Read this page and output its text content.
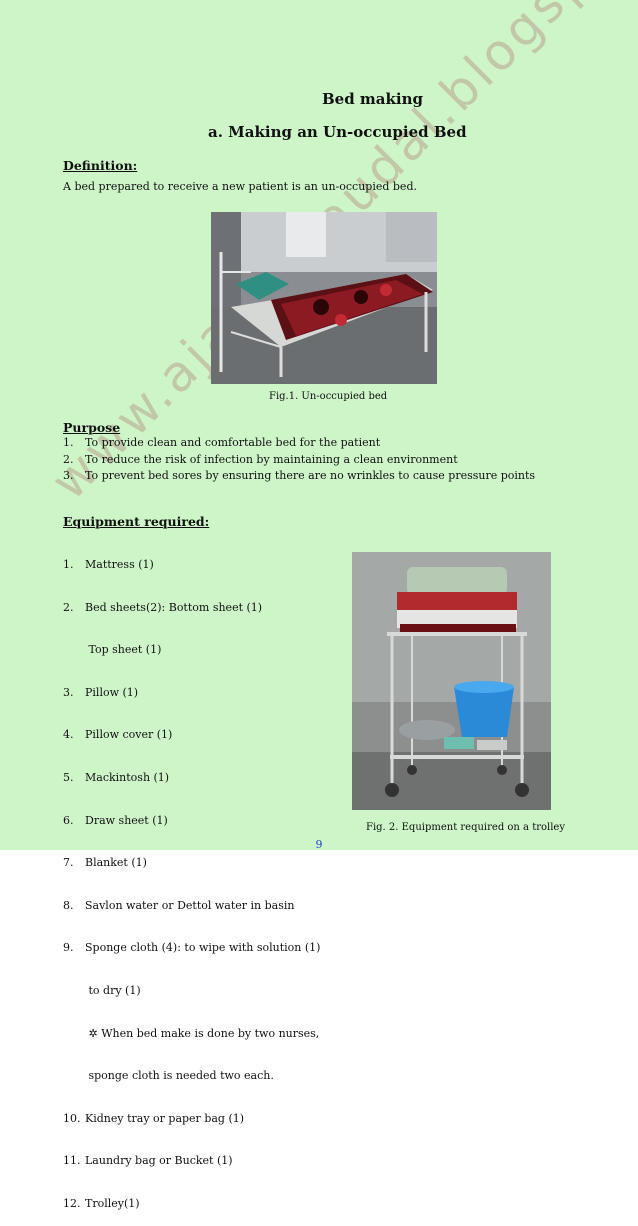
Bed making
a. Making an Un-occupied Bed
Definition:
A bed prepared to receive a new patient is an un-occupied bed.
Fig.1. Un-occupied bed
Purpose
1. To provide clean and comfortable bed for the patient
2. To reduce the risk of infection by maintaining a clean environment
3. To prevent bed sores by ensuring there are no wrinkles to cause pressure points
Equipment required:

1. Mattress (1)

2. Bed sheets(2): Bottom sheet (1)

Top sheet (1)

3. Pillow (1)

4. Pillow cover (1)

5. Mackintosh (1)

6. Draw sheet (1)

7. Blanket (1)

8. Savlon water or Dettol water in basin

9. Sponge cloth (4): to wipe with solution (1)

to dry (1)

✲ When bed make is done by two nurses,

sponge cloth is needed two each.

10. Kidney tray or paper bag (1)

11. Laundry bag or Bucket (1)

12. Trolley(1)

Fig. 2. Equipment required on a trolley
9
